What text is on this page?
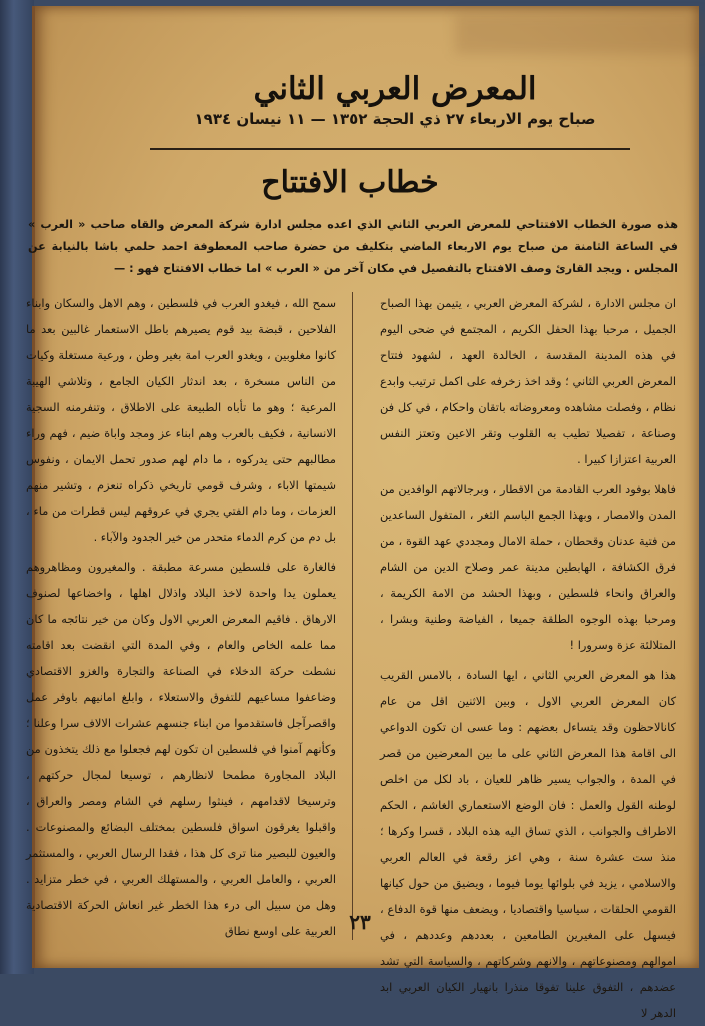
المعرض العربي الثاني
صباح يوم الاربعاء ٢٧ ذي الحجة ١٣٥٢ — ١١ نيسان ١٩٣٤
خطاب الافتتاح
هذه صورة الخطاب الافتتاحي للمعرض العربي الثاني الذي اعده مجلس ادارة شركة المعرض والقاه صاحب « العرب » في الساعة الثامنة من صباح يوم الاربعاء الماضي بتكليف من حضرة صاحب المعطوفة احمد حلمي باشا بالنيابة عن المجلس . ويجد القارئ وصف الافتتاح بالتفصيل في مكان آخر من « العرب » اما خطاب الافتتاح فهو : —

ان مجلس الادارة ، لشركة المعرض العربي ، يتيمن بهذا الصباح الجميل ، مرحبا بهذا الحفل الكريم ، المجتمع في ضحى اليوم في هذه المدينة المقدسة ، الخالدة العهد ، لشهود فتتاح المعرض العربي الثاني ؛ وقد اخذ زخرفه على اكمل ترتيب وابدع نظام ، وفصلت مشاهده ومعروضاته باتقان واحكام ، في كل فن وصناعة ، تفصيلا تطيب به القلوب وتقر الاعين وتعتز النفس العربية اعتزازا كبيرا .

فاهلا بوفود العرب القادمة من الاقطار ، وبرجالاتهم الوافدين من المدن والامصار ، وبهذا الجمع الباسم الثغر ، المتفول الساعدين من فتية عدنان وقحطان ، حملة الامال ومجددي عهد القوة ، من فرق الكشافة ، الهابطين مدينة عمر وصلاح الدين من الشام والعراق وانحاء فلسطين ، وبهذا الحشد من الامة الكريمة ، ومرحبا بهذه الوجوه الطلقة جميعا ، الفياضة وطنية وبشرا ، المتلالئة عزة وسرورا !

هذا هو المعرض العربي الثاني ، ايها السادة ، بالامس القريب كان المعرض العربي الاول ، وبين الاثنين اقل من عام كانالاحظون وقد يتساءل بعضهم : وما عسى ان تكون الدواعي الى اقامة هذا المعرض الثاني على ما بين المعرضين من قصر في المدة ، والجواب يسير ظاهر للعيان ، باد لكل من اخلص لوطنه القول والعمل : فان الوضع الاستعماري الغاشم ، الحكم الاطراف والجوانب ، الذي تساق اليه هذه البلاد ، قسرا وكرها ؛ منذ ست عشرة سنة ، وهي اعز رقعة في العالم العربي والاسلامي ، يزيد في بلوائها يوما فيوما ، ويضيق من حول كيانها القومي الحلقات ، سياسيا واقتصاديا ، ويضعف منها قوة الدفاع ، فيسهل على المغيرين الطامعين ، بعددهم وعددهم ، في اموالهم ومصنوعاتهم ، والانهم وشركاتهم ، والسياسة التي تشد عضدهم ، التفوق علينا تفوقا منذرا بانهيار الكيان العربي ابد الدهر لا

سمح الله ، فيغدو العرب في فلسطين ، وهم الاهل والسكان وابناء الفلاحين ، قبضة بيد قوم يصيرهم باطل الاستعمار غالبين بعد ما كانوا مغلوبين ، ويغدو العرب امة بغير وطن ، ورعية مستغلة وكيات من الناس مسخرة ، بعد اندثار الكيان الجامع ، وتلاشي الهيبة المرعية ؛ وهو ما تأباه الطبيعة على الاطلاق ، وتنفرمنه السجية الانسانية ، فكيف بالعرب وهم ابناء عز ومجد واباة ضيم ، فهم وراء مطالبهم حتى يدركوه ، ما دام لهم صدور تحمل الايمان ، ونفوس شيمتها الاباء ، وشرف قومي تاريخي ذكراه تنعزم ، وتشير منهم العزمات ، وما دام الفتي يجري في عروقهم ليس قطرات من ماء ، بل دم من كرم الدماء متحدر من خير الجدود والآباء .

فالغارة على فلسطين مسرعة مطبقة . والمغيرون ومظاهروهم يعملون يدا واحدة لاخذ البلاد واذلال اهلها ، واخضاعها لصنوف الارهاق . فاقيم المعرض العربي الاول وكان من خير نتائجه ما كان مما علمه الخاص والعام ، وفي المدة التي انقضت بعد اقامته نشطت حركة الدخلاء في الصناعة والتجارة والغزو الاقتصادي وضاعفوا مساعيهم للتفوق والاستعلاء ، وابلغ امانيهم باوفر عمل واقصرآجل فاستقدموا من ابناء جنسهم عشرات الالاف سرا وعلنا ؛ وكأنهم آمنوا في فلسطين ان تكون لهم فجعلوا مع ذلك يتخذون من البلاد المجاورة مطمحا لانظارهم ، توسيعا لمجال حركتهم ، وترسيخا لاقدامهم ، فينثوا رسلهم في الشام ومصر والعراق ، واقبلوا يغرقون اسواق فلسطين بمختلف البضائع والمصنوعات . والعيون للبصير منا ترى كل هذا ، فقدا الرسال العربي ، والمستثمر العربي ، والعامل العربي ، والمستهلك العربي ، في خطر متزايد . وهل من سبيل الى درء هذا الخطر غير انعاش الحركة الاقتصادية العربية على اوسع نطاق ٢٣
